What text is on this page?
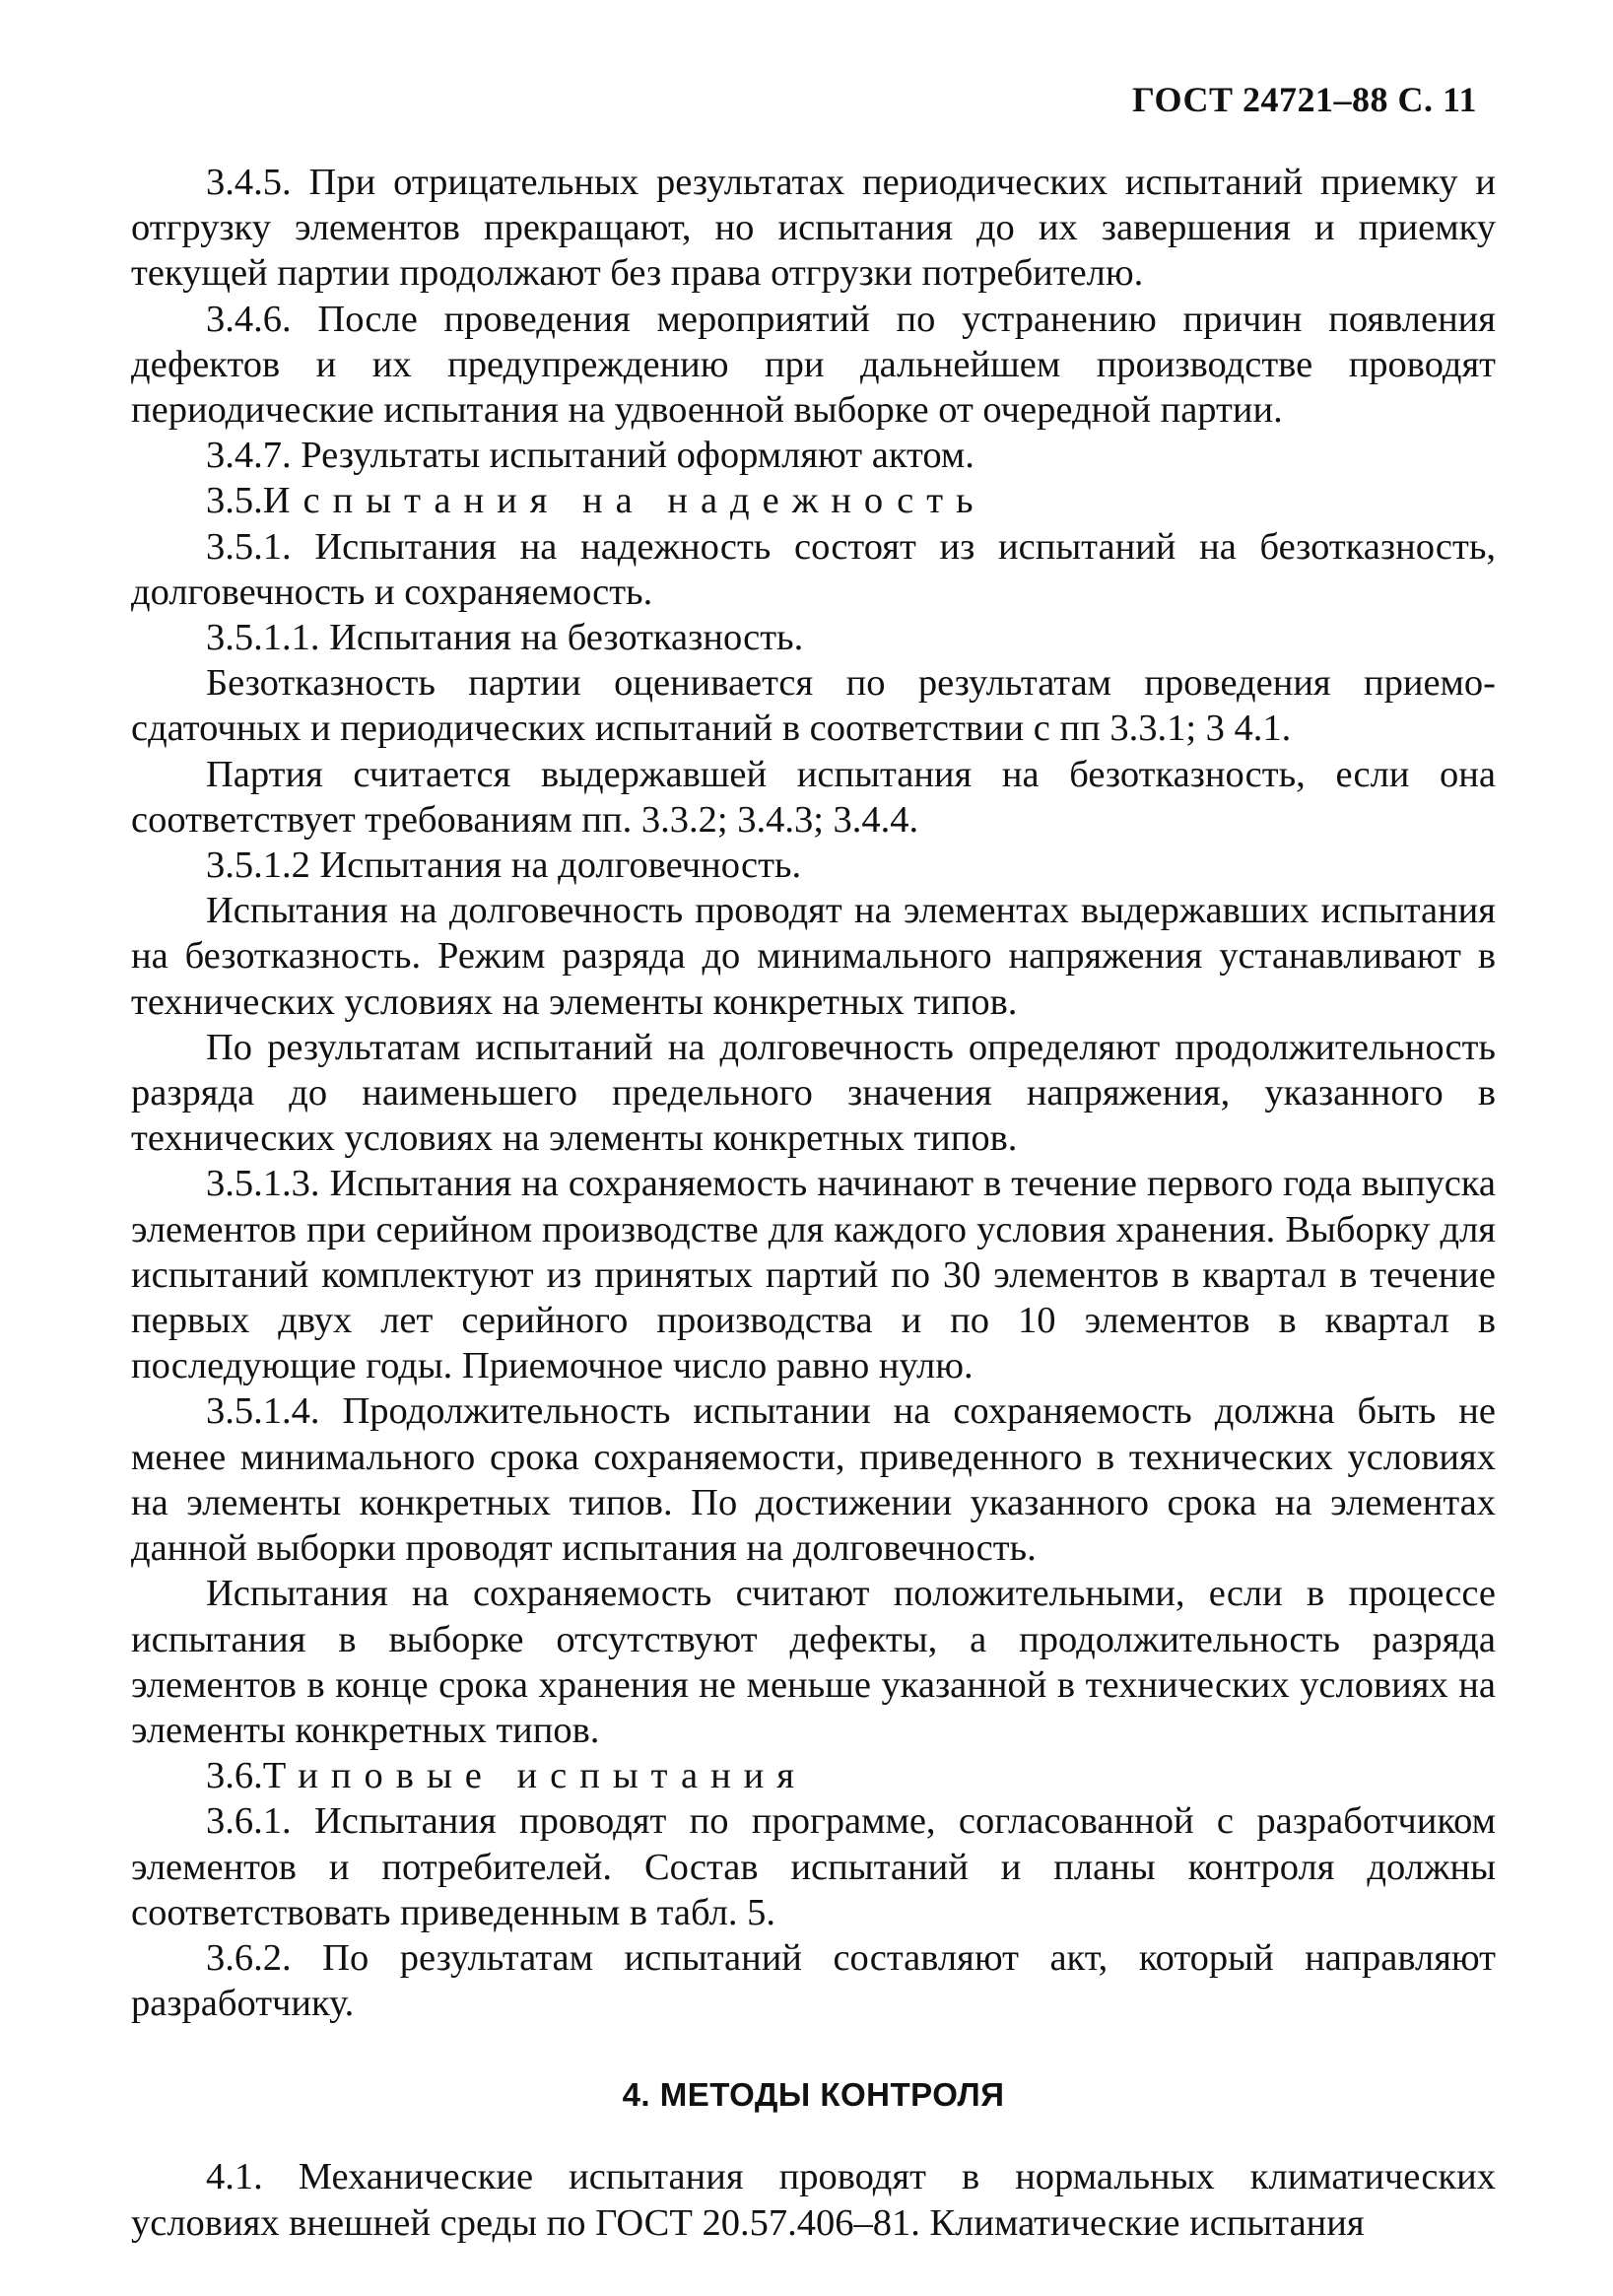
ГОСТ 24721–88 С. 11

3.4.5. При отрицательных результатах периодических испытаний приемку и отгрузку элементов прекращают, но испытания до их завершения и приемку текущей партии продолжают без права отгрузки потребителю.

3.4.6. После проведения мероприятий по устранению причин появления дефектов и их предупреждению при дальнейшем производстве проводят периодические испытания на удвоенной выборке от очередной партии.

3.4.7. Результаты испытаний оформляют актом.

3.5.Испытания на надежность

3.5.1. Испытания на надежность состоят из испытаний на безотказность, долговечность и сохраняемость.

3.5.1.1. Испытания на безотказность.

Безотказность партии оценивается по результатам проведения приемо-сдаточных и периодических испытаний в соответствии с пп 3.3.1; 3 4.1.

Партия считается выдержавшей испытания на безотказность, если она соответствует требованиям пп. 3.3.2; 3.4.3; 3.4.4.

3.5.1.2 Испытания на долговечность.

Испытания на долговечность проводят на элементах выдержавших испытания на безотказность. Режим разряда до минимального напряжения устанавливают в технических условиях на элементы конкретных типов.

По результатам испытаний на долговечность определяют продолжительность разряда до наименьшего предельного значения напряжения, указанного в технических условиях на элементы конкретных типов.

3.5.1.3. Испытания на сохраняемость начинают в течение первого года выпуска элементов при серийном производстве для каждого условия хранения. Выборку для испытаний комплектуют из принятых партий по 30 элементов в квартал в течение первых двух лет серийного производства и по 10 элементов в квартал в последующие годы. Приемочное число равно нулю.

3.5.1.4. Продолжительность испытании на сохраняемость должна быть не менее минимального срока сохраняемости, приведенного в технических условиях на элементы конкретных типов. По достижении указанного срока на элементах данной выборки проводят испытания на долговечность.

Испытания на сохраняемость считают положительными, если в процессе испытания в выборке отсутствуют дефекты, а продолжительность разряда элементов в конце срока хранения не меньше указанной в технических условиях на элементы конкретных типов.

3.6.Типовые испытания

3.6.1. Испытания проводят по программе, согласованной с разработчиком элементов и потребителей. Состав испытаний и планы контроля должны соответствовать приведенным в табл. 5.

3.6.2. По результатам испытаний составляют акт, который направляют разработчику.

4. МЕТОДЫ КОНТРОЛЯ

4.1. Механические испытания проводят в нормальных климатических условиях внешней среды по ГОСТ 20.57.406–81. Климатические испытания
